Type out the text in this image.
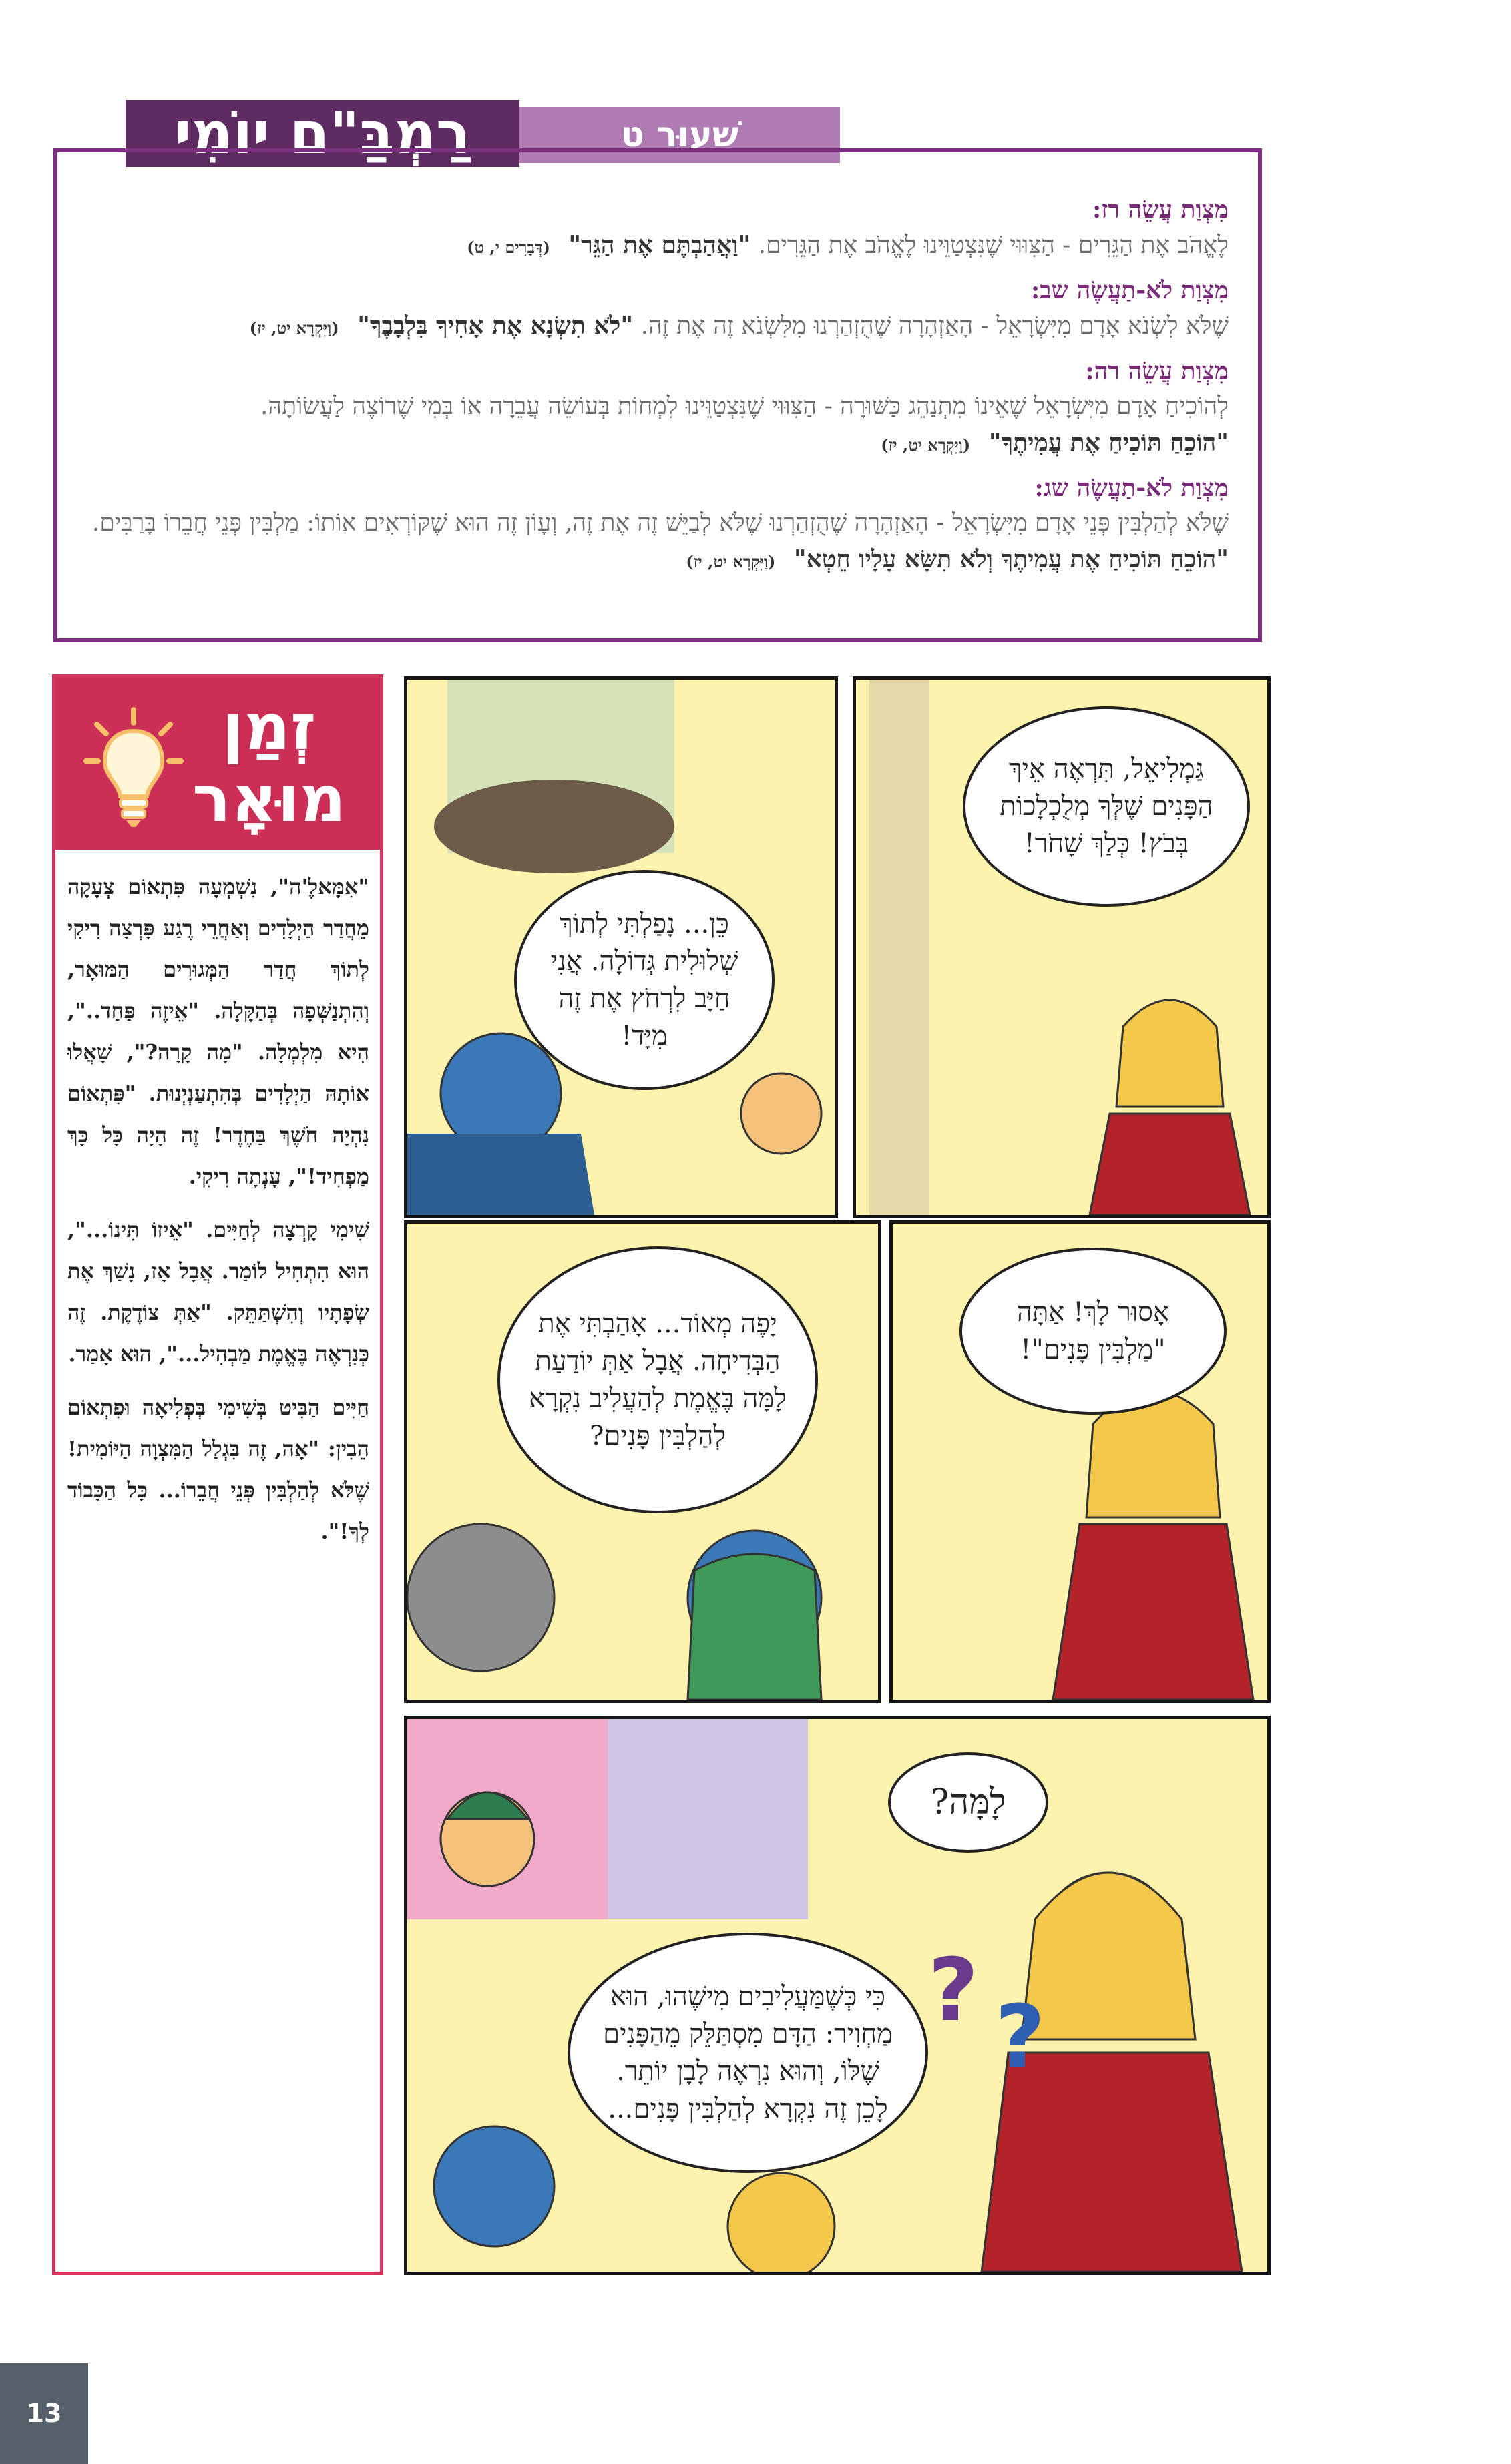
רַמְבַּ"ם יוֹמִי	שִׁעוּר ט
מִצְוַת עֲשֵׂה רז:
לֶאֱהֹב אֶת הַגֵּרִים - הַצִּוּוּי שֶׁנִּצְטַוֵּינוּ לֶאֱהֹב אֶת הַגֵּרִים. "וַאֲהַבְתֶּם אֶת הַגֵּר" (דְּבָרִים י, ט)
מִצְוַת לֹא-תַעֲשֶׂה שב:
שֶׁלֹּא לִשְׂנֹא אָדָם מִיִּשְׂרָאֵל - הָאַזְהָרָה שֶׁהֻזְהַרְנוּ מִלִּשְׂנֹא זֶה אֶת זֶה. "לֹא תִשְׂנָא אֶת אָחִיךָ בִּלְבָבֶךָ" (וַיִּקְרָא יט, יז)
מִצְוַת עֲשֵׂה רה:
לְהוֹכִיחַ אָדָם מִיִּשְׂרָאֵל שֶׁאֵינוֹ מִתְנַהֵג כַּשּׁוּרָה - הַצִּוּוּי שֶׁנִּצְטַוֵּינוּ לִמְחוֹת בְּעוֹשֵׂה עֲבֵרָה אוֹ בְּמִי שֶׁרוֹצֶה לַעֲשׂוֹתָהּ.
"הוֹכֵחַ תּוֹכִיחַ אֶת עֲמִיתֶךָ" (וַיִּקְרָא יט, יז)
מִצְוַת לֹא-תַעֲשֶׂה שג:
שֶׁלֹּא לְהַלְבִּין פְּנֵי אָדָם מִיִּשְׂרָאֵל - הָאַזְהָרָה שֶׁהֻזְהַרְנוּ שֶׁלֹּא לְבַיֵּשׁ זֶה אֶת זֶה, וְעָוֹן זֶה הוּא שֶׁקּוֹרְאִים אוֹתוֹ: מַלְבִּין פְּנֵי חֲבֵרוֹ בָּרַבִּים.
"הוֹכֵחַ תּוֹכִיחַ אֶת עֲמִיתֶךָ וְלֹא תִשָּׂא עָלָיו חֵטְא" (וַיִּקְרָא יט, יז)
זְמַן
מוּאָר

"אִמָּאלֶ'ה", נִשְׁמְעָה פִּתְאוֹם צְעָקָה מֵחֲדַר הַיְלָדִים וְאַחֲרֵי רֶגַע פָּרְצָה רִיקִי לְתוֹךְ חֲדַר הַמְּגוּרִים הַמּוּאָר, וְהִתְנַשְּׁפָה בְּהַקָּלָה. "אֵיזֶה פַּחַד..", הִיא מִלְמְלָה. "מָה קָרָה?", שָׁאֲלוּ אוֹתָהּ הַיְלָדִים בְּהִתְעַנְיְנוּת. "פִּתְאוֹם נִהְיָה חֹשֶׁךְ בַּחֶדֶר! זֶה הָיָה כָּל כָּךְ מַפְחִיד!", עָנְתָה רִיקִי.

שִׁימִי קָרְצָה לְחַיִּים. "אֵיזוֹ תִּינוֹ...", הוּא הִתְחִיל לוֹמַר. אֲבָל אָז, נָשַׁךְ אֶת שְׂפָתָיו וְהִשְׁתַּתֵּק. "אַתְּ צוֹדֶקֶת. זֶה כְּנִרְאֶה בֶּאֱמֶת מַבְהִיל...", הוּא אָמַר.

חַיִּים הַבִּיט בְּשִׁימִי בְּפְלִיאָה וּפִתְאוֹם הֵבִין: "אָה, זֶה בִּגְלַל הַמִּצְוָה הַיּוֹמִית! שֶׁלֹּא לְהַלְבִּין פְּנֵי חֲבֵרוֹ... כָּל הַכָּבוֹד לְךָ!".

גַּמְלִיאֵל, תִּרְאֶה אֵיךְ הַפָּנִים שֶׁלְּךָ מְלֻכְלָכוֹת בְּבֹץ! כְּלַךְ שָׁחֹר!
כֵּן... נָפַלְתִּי לְתוֹךְ שְׁלוּלִית גְּדוֹלָה. אֲנִי חַיָּב לִרְחֹץ אֶת זֶה מִיָּד!
אָסוּר לָךְ! אַתָּה "מַלְבִּין פָּנִים"!
יָפֶה מְאוֹד... אָהַבְתִּי אֶת הַבְּדִיחָה. אֲבָל אַתְּ יוֹדַעַת לָמָּה בֶּאֱמֶת לְהַעֲלִיב נִקְרָא לְהַלְבִּין פָּנִים?
לָמָּה?
כִּי כְּשֶׁמַּעֲלִיבִים מִישֶׁהוּ, הוּא מַחְוִיר: הַדָּם מִסְתַּלֵּק מֵהַפָּנִים שֶׁלּוֹ, וְהוּא נִרְאֶה לָבָן יוֹתֵר. לָכֵן זֶה נִקְרָא לְהַלְבִּין פָּנִים...
? ?
13
